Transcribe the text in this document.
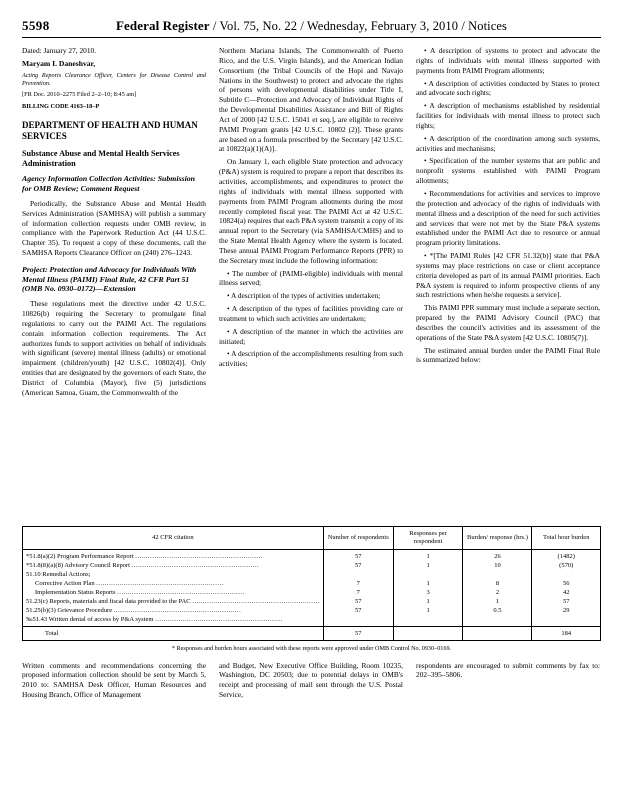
5598	Federal Register / Vol. 75, No. 22 / Wednesday, February 3, 2010 / Notices

Dated: January 27, 2010.

Maryam I. Daneshvar,

Acting Reports Clearance Officer, Centers for Disease Control and Prevention.

[FR Doc. 2010–2275 Filed 2–2–10; 8:45 am]

BILLING CODE 4163–18–P

DEPARTMENT OF HEALTH AND HUMAN SERVICES
Substance Abuse and Mental Health Services Administration
Agency Information Collection Activities: Submission for OMB Review; Comment Request

Periodically, the Substance Abuse and Mental Health Services Administration (SAMHSA) will publish a summary of information collection requests under OMB review, in compliance with the Paperwork Reduction Act (44 U.S.C. Chapter 35). To request a copy of these documents, call the SAMHSA Reports Clearance Officer on (240) 276–1243.

Project: Protection and Advocacy for Individuals With Mental Illness (PAIMI) Final Rule, 42 CFR Part 51 (OMB No. 0930–0172)—Extension

These regulations meet the directive under 42 U.S.C. 10826(b) requiring the Secretary to promulgate final regulations to carry out the PAIMI Act. The regulations contain information collection requirements. The Act authorizes funds to support activities on behalf of individuals with significant (severe) mental illness (adults) or emotional impairment (children/youth) [42 U.S.C. 10802(4)]. Only entities that are designated by the governors of each State, the District of Columbia (Mayor), five (5) jurisdictions (American Samoa, Guam, the Commonwealth of the

Northern Mariana Islands, The Commonwealth of Puerto Rico, and the U.S. Virgin Islands), and the American Indian Consortium (the Tribal Councils of the Hopi and Navajo Nations in the Southwest) to protect and advocate the rights of persons with developmental disabilities under Title I, Subtitle C—Protection and Advocacy of Individual Rights of the Developmental Disabilities Assistance and Bill of Rights Act of 2000 [42 U.S.C. 15041 et seq.], are eligible to receive PAIMI Program grants [42 U.S.C. 10802 (2)]. These grants are based on a formula prescribed by the Secretary [42 U.S.C. at 10822(a)(1)(A)].

On January 1, each eligible State protection and advocacy (P&A) system is required to prepare a report that describes its activities, accomplishments, and expenditures to protect the rights of individuals with mental illness supported with payments from PAIMI Program allotments during the most recently completed fiscal year. The PAIMI Act at 42 U.S.C. 10824(a) requires that each P&A system transmit a copy of its annual report to the Secretary (via SAMHSA/CMHS) and to the State Mental Health Agency where the system is located. These annual PAIMI Program Performance Reports (PPR) to the Secretary must include the following information:

• The number of (PAIMI-eligible) individuals with mental illness served;

• A description of the types of activities undertaken;

• A description of the types of facilities providing care or treatment to which such activities are undertaken;

• A description of the manner in which the activities are initiated;

• A description of the accomplishments resulting from such activities;

• A description of systems to protect and advocate the rights of individuals with mental illness supported with payments from PAIMI Program allotments;

• A description of activities conducted by States to protect and advocate such rights;

• A description of mechanisms established by residential facilities for individuals with mental illness to protect such rights;

• A description of the coordination among such systems, activities and mechanisms;

• Specification of the number systems that are public and nonprofit systems established with PAIMI Program allotments;

• Recommendations for activities and services to improve the protection and advocacy of the rights of individuals with mental illness and a description of the need for such activities and services that were not met by the State P&A systems established under the PAIMI Act due to resource or annual program priority limitations.

• *[The PAIMI Rules [42 CFR 51.32(b)] state that P&A systems may place restrictions on case or client acceptance criteria developed as part of its annual PAIMI priorities. Each P&A system is required to inform prospective clients of any such restrictions when he/she requests a service].

This PAIMI PPR summary must include a separate section, prepared by the PAIMI Advisory Council (PAC) that describes the council's activities and its assessment of the operations of the State P&A system [42 U.S.C. 10805(7)].

The estimated annual burden under the PAIMI Final Rule is summarized below:

42 CFR citation	Number of respondents	Responses per respondent	Burden/ response (hrs.)	Total hour burden
*51.8(a)(2) Program Performance Report ............................................................	57	1	26	(1482)
*51.8(8)(a)(8) Advisory Council Report ............................................................	57	1	10	(570)
51.10 Remedial Actions;				
Corrective Action Plan ............................................................	7	1	8	56
Implementation Status Reports ............................................................	7	3	2	42
51.23(c) Reports, materials and fiscal data provided to the PAC ............................................................	57	1	1	57
51.25(b)(3) Grievance Procedure ............................................................	57	1	0.5	29
‰51.43 Written denial of access by P&A system ............................................................				
Total	57			184
* Responses and burden hours associated with these reports were approved under OMB Control No. 0930–0169.

Written comments and recommendations concerning the proposed information collection should be sent by March 5, 2010 to: SAMHSA Desk Officer, Human Resources and Housing Branch, Office of Management

and Budget, New Executive Office Building, Room 10235, Washington, DC 20503; due to potential delays in OMB's receipt and processing of mail sent through the U.S. Postal Service,

respondents are encouraged to submit comments by fax to: 202–395–5806.
